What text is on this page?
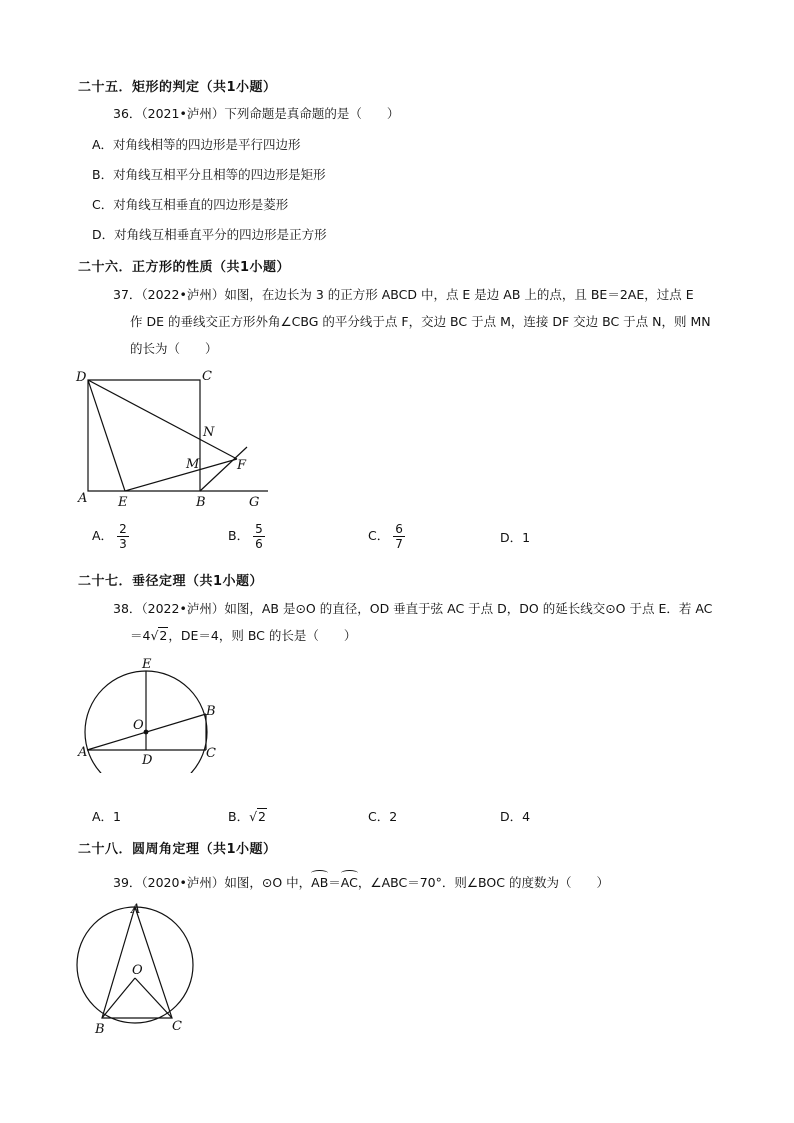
二十五．矩形的判定（共1小题）
36．（2021•泸州）下列命题是真命题的是（　　）
A．对角线相等的四边形是平行四边形
B．对角线互相平分且相等的四边形是矩形
C．对角线互相垂直的四边形是菱形
D．对角线互相垂直平分的四边形是正方形
二十六．正方形的性质（共1小题）
37．（2022•泸州）如图，在边长为 3 的正方形 ABCD 中，点 E 是边 AB 上的点，且 BE＝2AE，过点 E
作 DE 的垂线交正方形外角∠CBG 的平分线于点 F，交边 BC 于点 M，连接 DF 交边 BC 于点 N，则 MN
的长为（　　）
D	C
N
M	F
A E	B	G
A． $\frac{2}{3}$	B． $\frac{5}{6}$	C． $\frac{6}{7}$	D．1
二十七．垂径定理（共1小题）
38．（2022•泸州）如图，AB 是⊙O 的直径，OD 垂直于弦 AC 于点 D，DO 的延长线交⊙O 于点 E．若 AC
＝4√2，DE＝4，则 BC 的长是（　　）
E
O
B
A	C
D
A．1	B．√2	C．2	D．4
二十八．圆周角定理（共1小题）
39．（2020•泸州）如图，⊙O 中，AB＝AC，∠ABC＝70°．则∠BOC 的度数为（　　）
A
O
B	C
